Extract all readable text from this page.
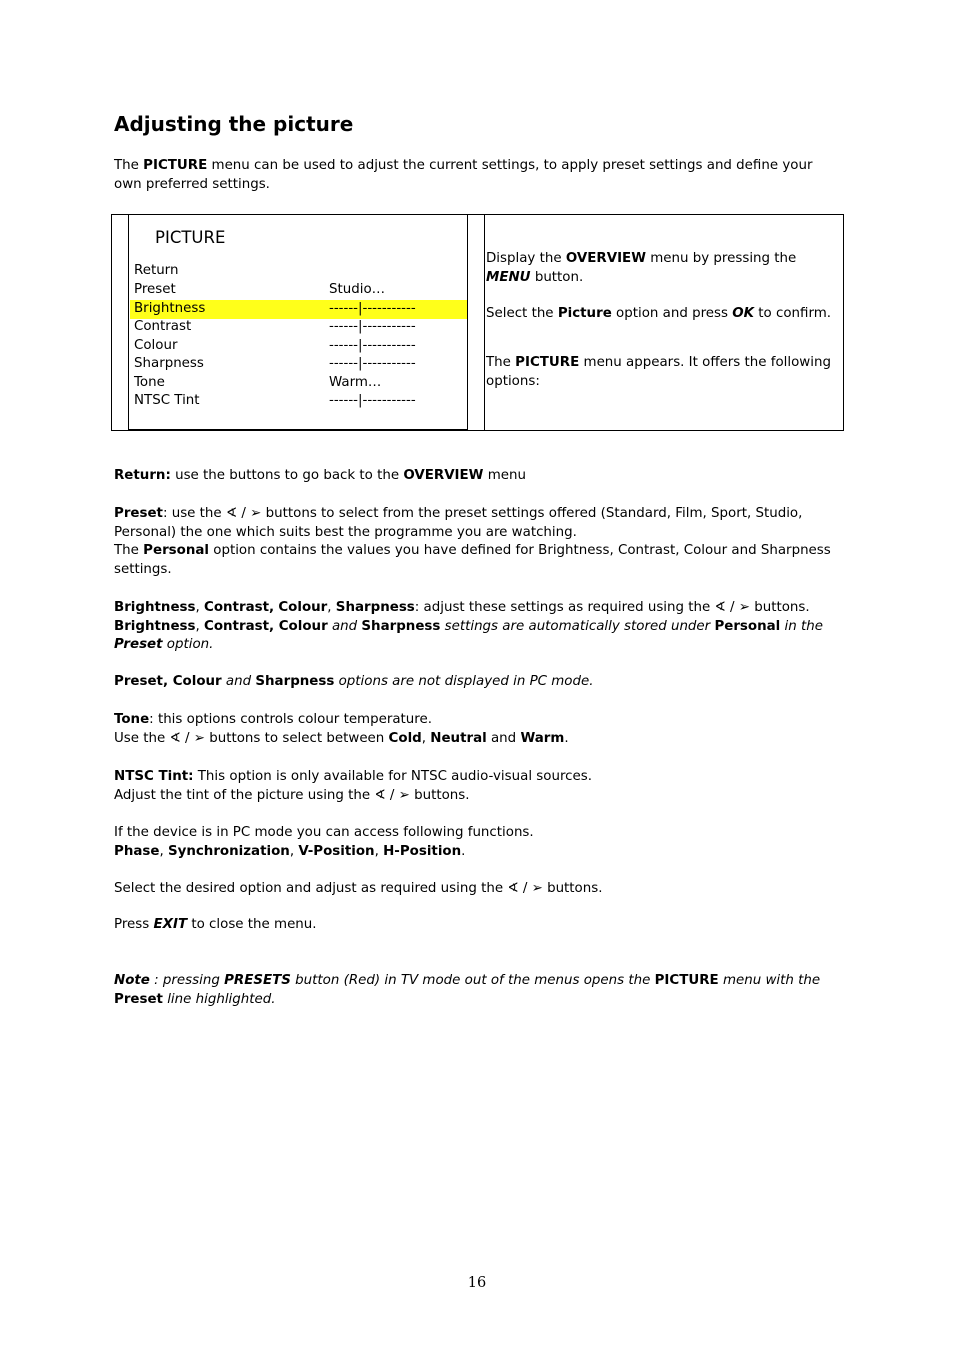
Adjusting the picture
The PICTURE menu can be used to adjust the current settings, to apply preset settings and define your own preferred settings.
PICTURE
Return
Preset	Studio…
Brightness	------|-----------
Contrast	------|-----------
Colour	------|-----------
Sharpness	------|-----------
Tone	Warm…
NTSC Tint	------|-----------
Display the OVERVIEW menu by pressing the
MENU button.
Select the Picture option and press OK to confirm.
The PICTURE menu appears. It offers the following options:
Return: use the buttons to go back to the OVERVIEW menu
Preset: use the ∢ / ➢ buttons to select from the preset settings offered (Standard, Film, Sport, Studio, Personal) the one which suits best the programme you are watching.
The Personal option contains the values you have defined for Brightness, Contrast, Colour and Sharpness settings.
Brightness, Contrast, Colour, Sharpness: adjust these settings as required using the ∢ / ➢ buttons.
Brightness, Contrast, Colour and Sharpness settings are automatically stored under Personal in the Preset option.
Preset, Colour and Sharpness options are not displayed in PC mode.
Tone: this options controls colour temperature.
Use the ∢ / ➢ buttons to select between Cold, Neutral and Warm.
NTSC Tint: This option is only available for NTSC audio-visual sources.
Adjust the tint of the picture using the ∢ / ➢ buttons.
If the device is in PC mode you can access following functions.
Phase, Synchronization, V-Position, H-Position.
Select the desired option and adjust as required using the ∢ / ➢ buttons.
Press EXIT to close the menu.
Note : pressing PRESETS button (Red) in TV mode out of the menus opens the PICTURE menu with the
Preset line highlighted.
16
